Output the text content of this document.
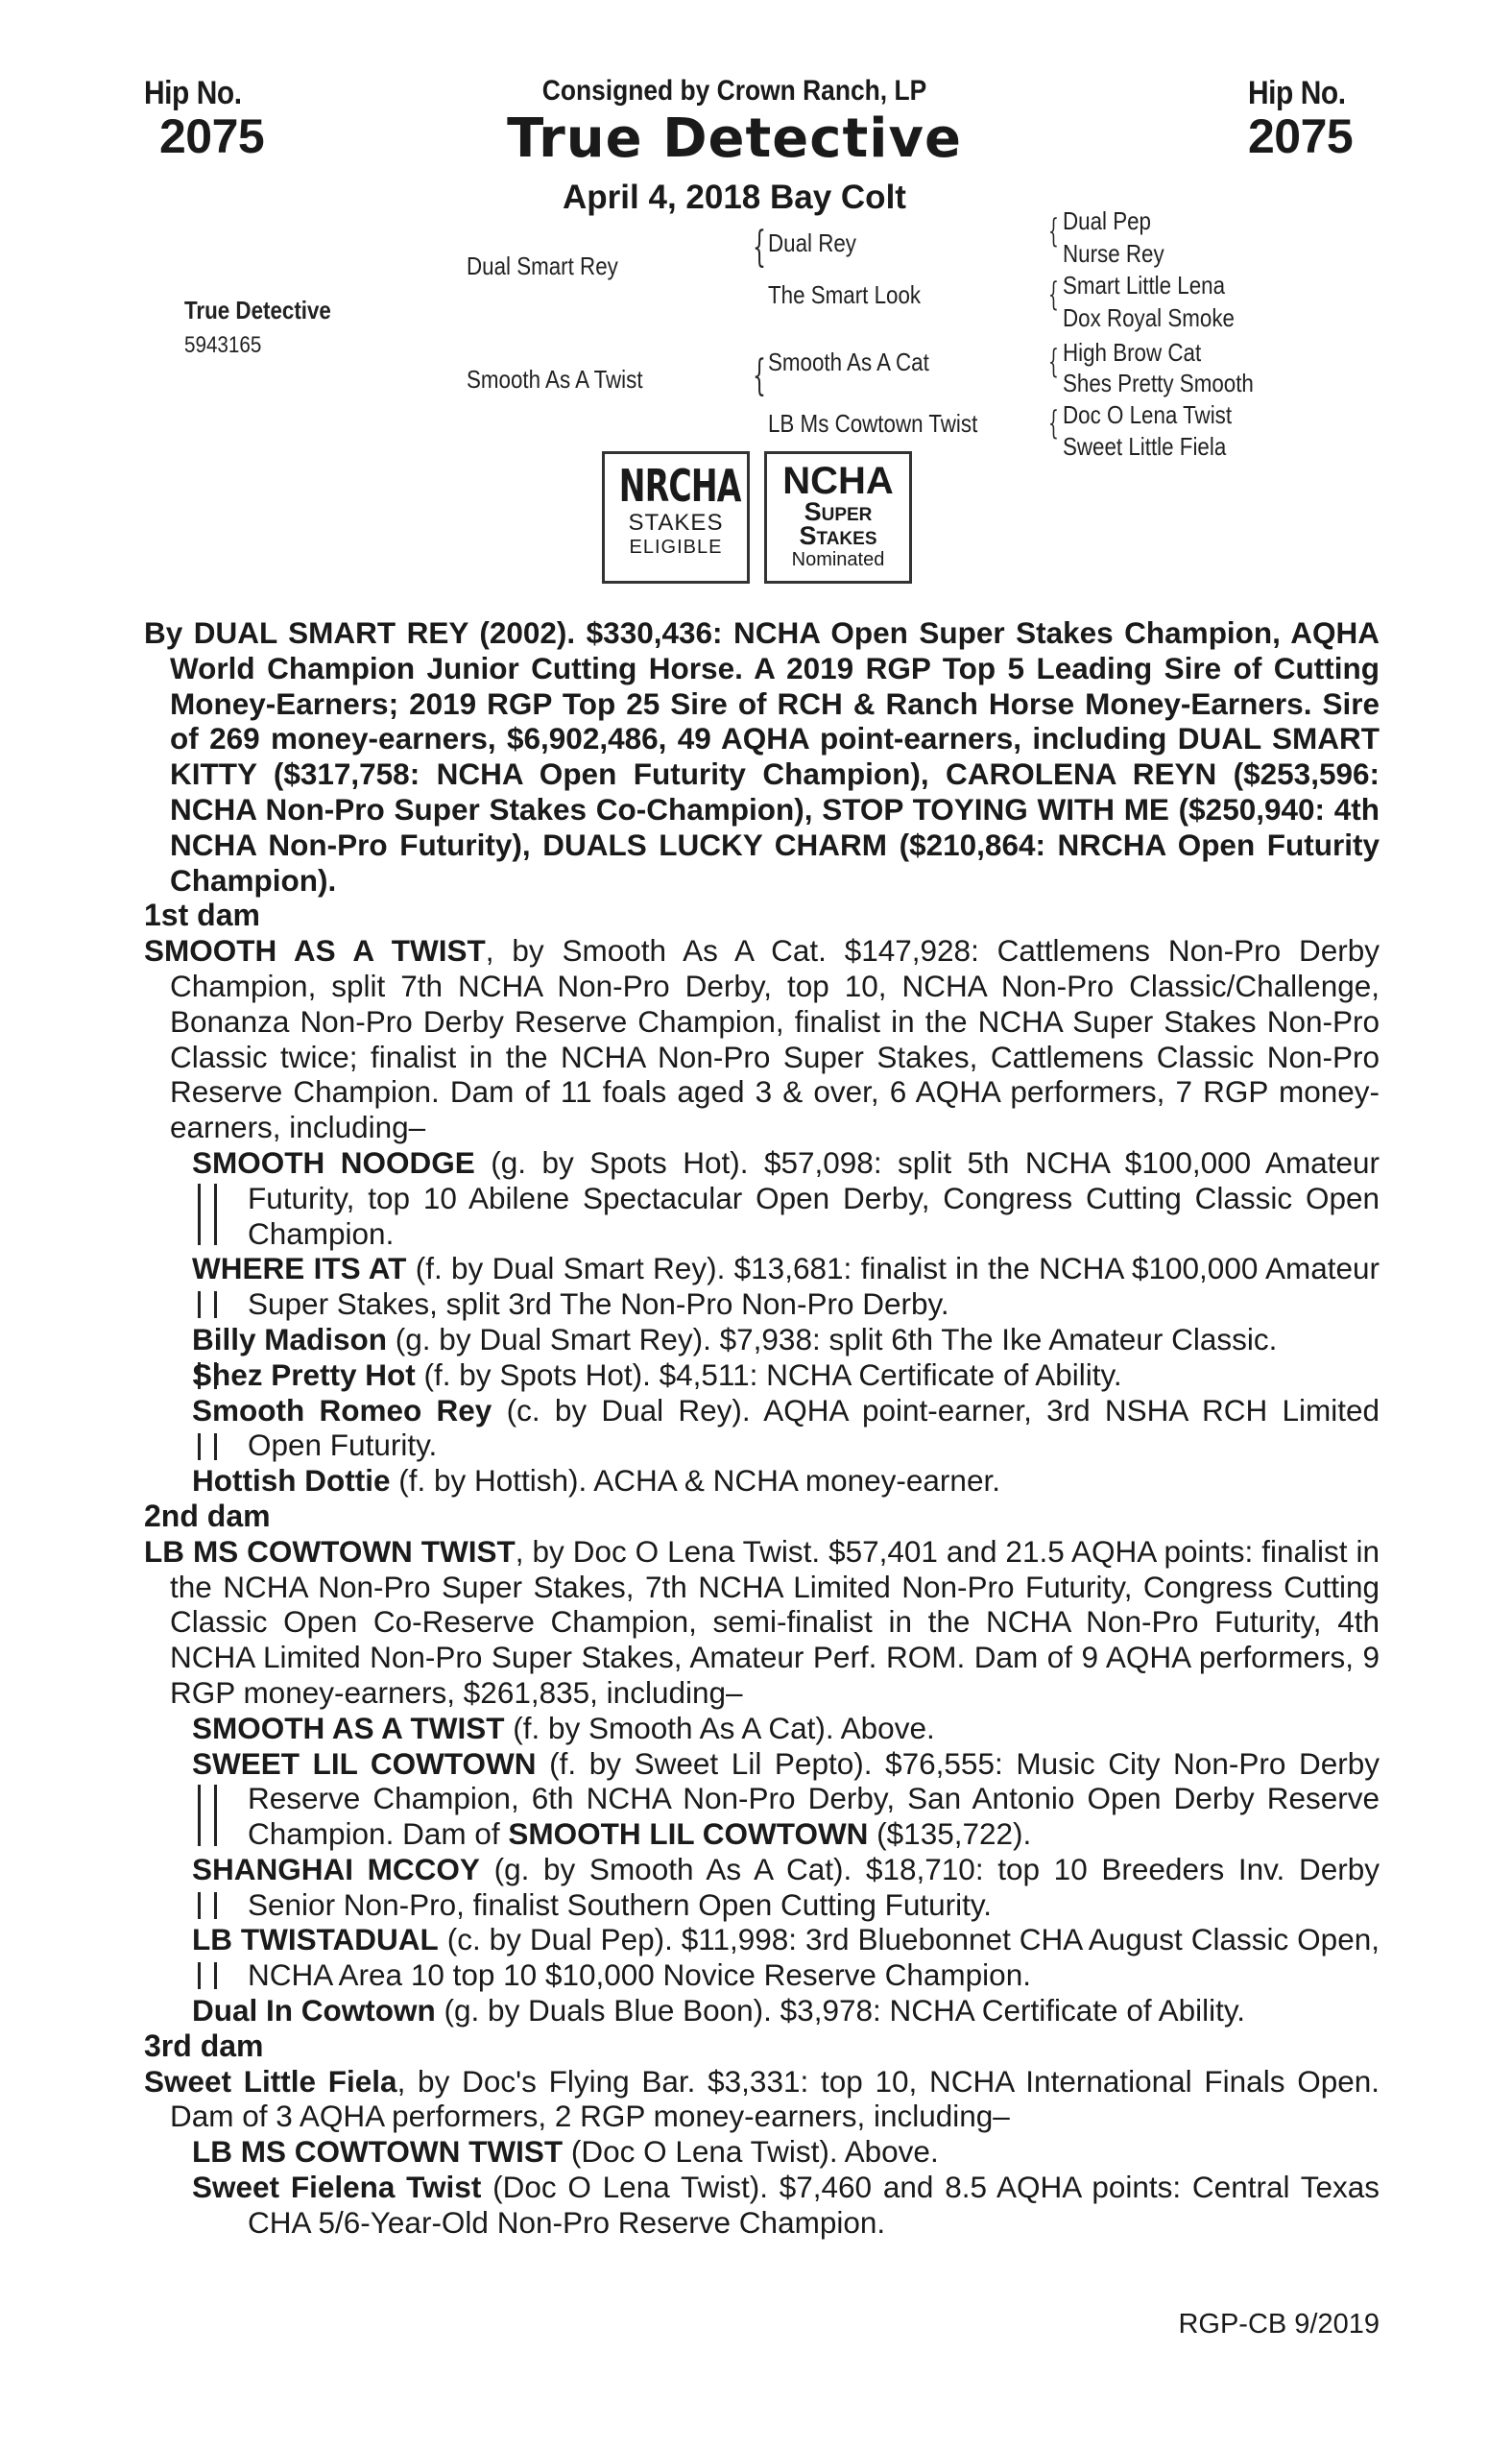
Hip No.
2075
Hip No.
2075
Consigned by Crown Ranch, LP
True Detective
April 4, 2018 Bay Colt
True Detective
5943165
Dual Smart Rey
Smooth As A Twist
{ Dual Rey
The Smart Look
{ Smooth As A Cat
LB Ms Cowtown Twist
{ Dual Pep
Nurse Rey
{ Smart Little Lena
Dox Royal Smoke
{ High Brow Cat
Shes Pretty Smooth
{ Doc O Lena Twist
Sweet Little Fiela
NRCHA
STAKES
ELIGIBLE
NCHA
Super
Stakes
Nominated

By DUAL SMART REY (2002). $330,436: NCHA Open Super Stakes Champion, AQHA World Champion Junior Cutting Horse. A 2019 RGP Top 5 Leading Sire of Cutting Money-Earners; 2019 RGP Top 25 Sire of RCH & Ranch Horse Money-Earners. Sire of 269 money-earners, $6,902,486, 49 AQHA point-earners, including DUAL SMART KITTY ($317,758: NCHA Open Futurity Champion), CAROLENA REYN ($253,596: NCHA Non-Pro Super Stakes Co-Champion), STOP TOYING WITH ME ($250,940: 4th NCHA Non-Pro Futurity), DUALS LUCKY CHARM ($210,864: NRCHA Open Futurity Champion).

1st dam

SMOOTH AS A TWIST, by Smooth As A Cat. $147,928: Cattlemens Non-Pro Derby Champion, split 7th NCHA Non-Pro Derby, top 10, NCHA Non-Pro Classic/Challenge, Bonanza Non-Pro Derby Reserve Champion, finalist in the NCHA Super Stakes Non-Pro Classic twice; finalist in the NCHA Non-Pro Super Stakes, Cattlemens Classic Non-Pro Reserve Champion. Dam of 11 foals aged 3 & over, 6 AQHA performers, 7 RGP money-earners, including–

SMOOTH NOODGE (g. by Spots Hot). $57,098: split 5th NCHA $100,000 Amateur Futurity, top 10 Abilene Spectacular Open Derby, Congress Cutting Classic Open Champion.

WHERE ITS AT (f. by Dual Smart Rey). $13,681: finalist in the NCHA $100,000 Amateur Super Stakes, split 3rd The Non-Pro Non-Pro Derby.

Billy Madison (g. by Dual Smart Rey). $7,938: split 6th The Ike Amateur Classic.

Shez Pretty Hot (f. by Spots Hot). $4,511: NCHA Certificate of Ability.

Smooth Romeo Rey (c. by Dual Rey). AQHA point-earner, 3rd NSHA RCH Limited Open Futurity.

Hottish Dottie (f. by Hottish). ACHA & NCHA money-earner.

2nd dam

LB MS COWTOWN TWIST, by Doc O Lena Twist. $57,401 and 21.5 AQHA points: finalist in the NCHA Non-Pro Super Stakes, 7th NCHA Limited Non-Pro Futurity, Congress Cutting Classic Open Co-Reserve Champion, semi-finalist in the NCHA Non-Pro Futurity, 4th NCHA Limited Non-Pro Super Stakes, Amateur Perf. ROM. Dam of 9 AQHA performers, 9 RGP money-earners, $261,835, including–

SMOOTH AS A TWIST (f. by Smooth As A Cat). Above.

SWEET LIL COWTOWN (f. by Sweet Lil Pepto). $76,555: Music City Non-Pro Derby Reserve Champion, 6th NCHA Non-Pro Derby, San Antonio Open Derby Reserve Champion. Dam of SMOOTH LIL COWTOWN ($135,722).

SHANGHAI MCCOY (g. by Smooth As A Cat). $18,710: top 10 Breeders Inv. Derby Senior Non-Pro, finalist Southern Open Cutting Futurity.

LB TWISTADUAL (c. by Dual Pep). $11,998: 3rd Bluebonnet CHA August Classic Open, NCHA Area 10 top 10 $10,000 Novice Reserve Champion.

Dual In Cowtown (g. by Duals Blue Boon). $3,978: NCHA Certificate of Ability.

3rd dam

Sweet Little Fiela, by Doc's Flying Bar. $3,331: top 10, NCHA International Finals Open. Dam of 3 AQHA performers, 2 RGP money-earners, including–

LB MS COWTOWN TWIST (Doc O Lena Twist). Above.

Sweet Fielena Twist (Doc O Lena Twist). $7,460 and 8.5 AQHA points: Central Texas CHA 5/6-Year-Old Non-Pro Reserve Champion.

RGP-CB 9/2019
